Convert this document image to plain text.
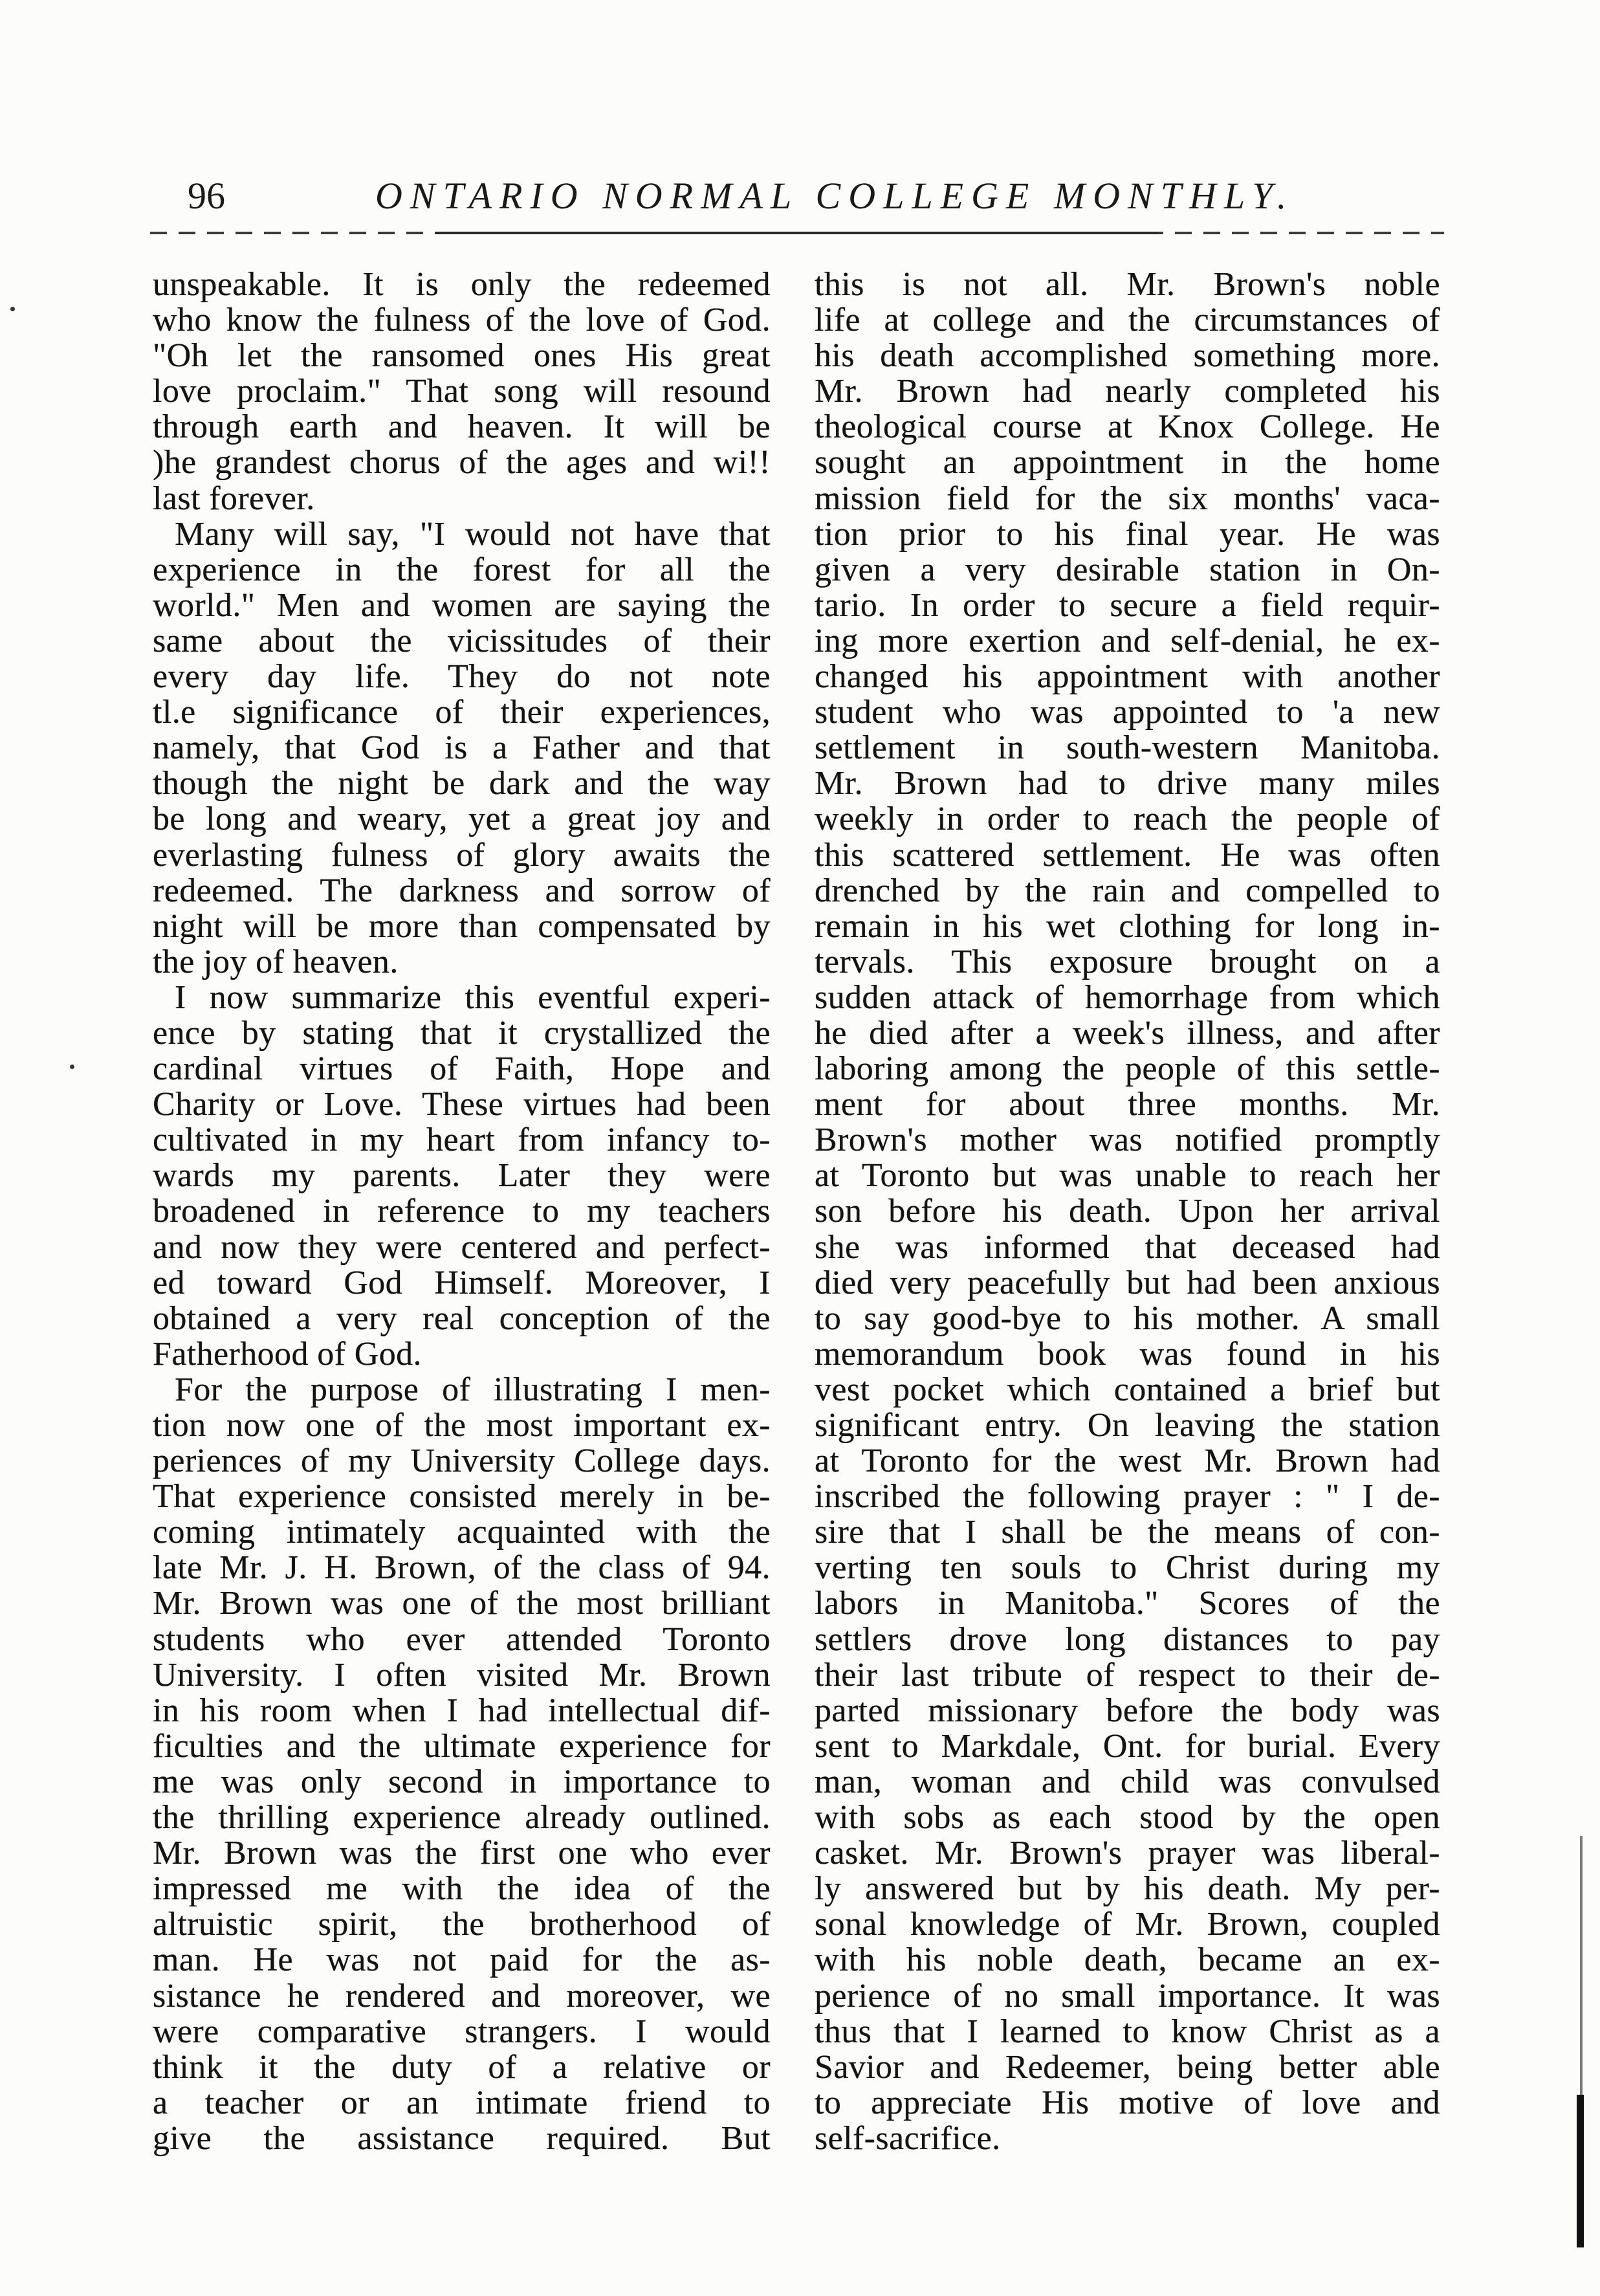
96	ONTARIO NORMAL COLLEGE MONTHLY.
unspeakable. It is only the redeemed
who know the fulness of the love of God.
"Oh let the ransomed ones His great
love proclaim." That song will resound
through earth and heaven. It will be
)he grandest chorus of the ages and wi!!
last forever.
Many will say, "I would not have that
experience in the forest for all the
world." Men and women are saying the
same about the vicissitudes of their
every day life. They do not note
tl.e significance of their experiences,
namely, that God is a Father and that
though the night be dark and the way
be long and weary, yet a great joy and
everlasting fulness of glory awaits the
redeemed. The darkness and sorrow of
night will be more than compensated by
the joy of heaven.
I now summarize this eventful experi-
ence by stating that it crystallized the
cardinal virtues of Faith, Hope and
Charity or Love. These virtues had been
cultivated in my heart from infancy to-
wards my parents. Later they were
broadened in reference to my teachers
and now they were centered and perfect-
ed toward God Himself. Moreover, I
obtained a very real conception of the
Fatherhood of God.
For the purpose of illustrating I men-
tion now one of the most important ex-
periences of my University College days.
That experience consisted merely in be-
coming intimately acquainted with the
late Mr. J. H. Brown, of the class of 94.
Mr. Brown was one of the most brilliant
students who ever attended Toronto
University. I often visited Mr. Brown
in his room when I had intellectual dif-
ficulties and the ultimate experience for
me was only second in importance to
the thrilling experience already outlined.
Mr. Brown was the first one who ever
impressed me with the idea of the
altruistic spirit, the brotherhood of
man. He was not paid for the as-
sistance he rendered and moreover, we
were comparative strangers. I would
think it the duty of a relative or
a teacher or an intimate friend to
give the assistance required. But
this is not all. Mr. Brown's noble
life at college and the circumstances of
his death accomplished something more.
Mr. Brown had nearly completed his
theological course at Knox College. He
sought an appointment in the home
mission field for the six months' vaca-
tion prior to his final year. He was
given a very desirable station in On-
tario. In order to secure a field requir-
ing more exertion and self-denial, he ex-
changed his appointment with another
student who was appointed to 'a new
settlement in south-western Manitoba.
Mr. Brown had to drive many miles
weekly in order to reach the people of
this scattered settlement. He was often
drenched by the rain and compelled to
remain in his wet clothing for long in-
tervals. This exposure brought on a
sudden attack of hemorrhage from which
he died after a week's illness, and after
laboring among the people of this settle-
ment for about three months. Mr.
Brown's mother was notified promptly
at Toronto but was unable to reach her
son before his death. Upon her arrival
she was informed that deceased had
died very peacefully but had been anxious
to say good-bye to his mother. A small
memorandum book was found in his
vest pocket which contained a brief but
significant entry. On leaving the station
at Toronto for the west Mr. Brown had
inscribed the following prayer : " I de-
sire that I shall be the means of con-
verting ten souls to Christ during my
labors in Manitoba." Scores of the
settlers drove long distances to pay
their last tribute of respect to their de-
parted missionary before the body was
sent to Markdale, Ont. for burial. Every
man, woman and child was convulsed
with sobs as each stood by the open
casket. Mr. Brown's prayer was liberal-
ly answered but by his death. My per-
sonal knowledge of Mr. Brown, coupled
with his noble death, became an ex-
perience of no small importance. It was
thus that I learned to know Christ as a
Savior and Redeemer, being better able
to appreciate His motive of love and
self-sacrifice.
